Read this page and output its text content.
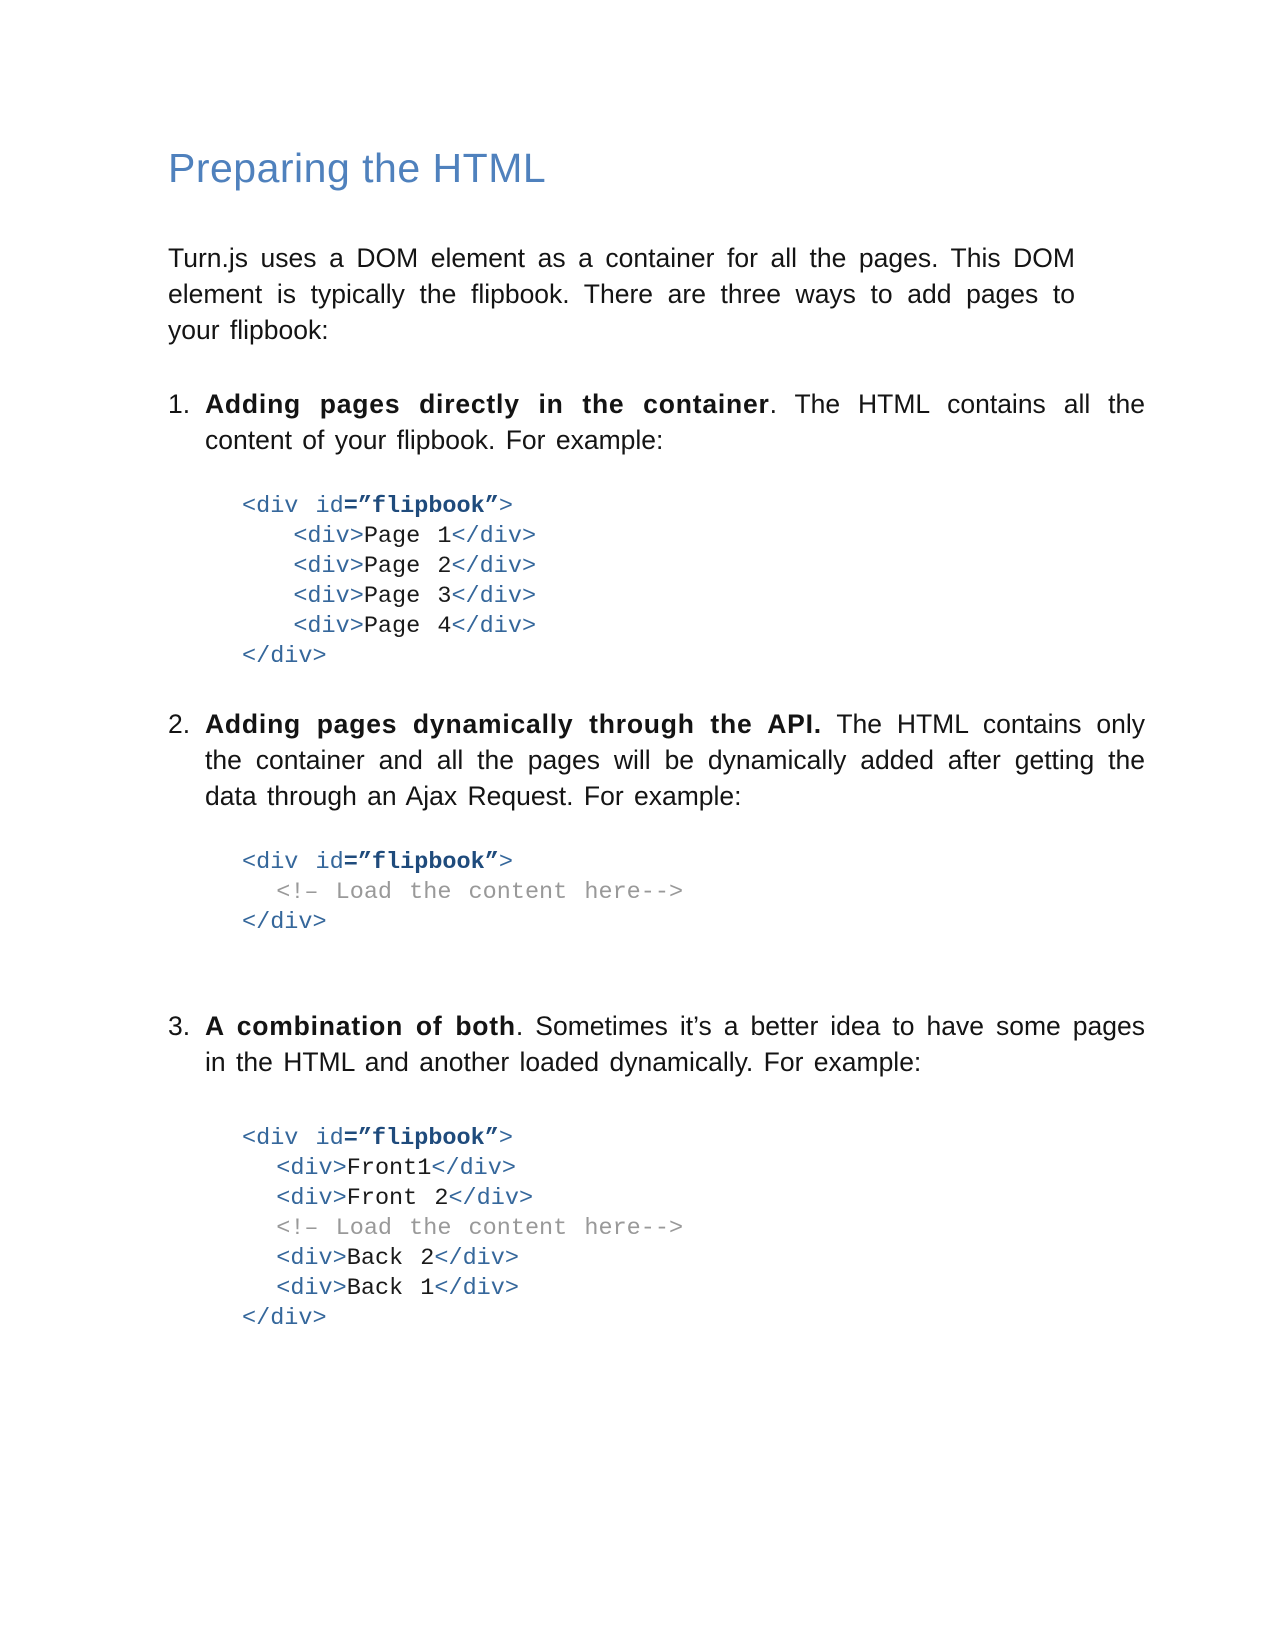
Preparing the HTML

Turn.js uses a DOM element as a container for all the pages. This DOM element is typically the flipbook. There are three ways to add pages to your flipbook:

1. Adding pages directly in the container. The HTML contains all the content of your flipbook. For example:
<div id=”flipbook”>
<div>Page 1</div>
<div>Page 2</div>
<div>Page 3</div>
<div>Page 4</div>
</div>
2. Adding pages dynamically through the API. The HTML contains only the container and all the pages will be dynamically added after getting the data through an Ajax Request. For example:
<div id=”flipbook”>
<!– Load the content here-->
</div>
3. A combination of both. Sometimes it’s a better idea to have some pages in the HTML and another loaded dynamically. For example:
<div id=”flipbook”>
<div>Front1</div>
<div>Front 2</div>
<!– Load the content here-->
<div>Back 2</div>
<div>Back 1</div>
</div>
